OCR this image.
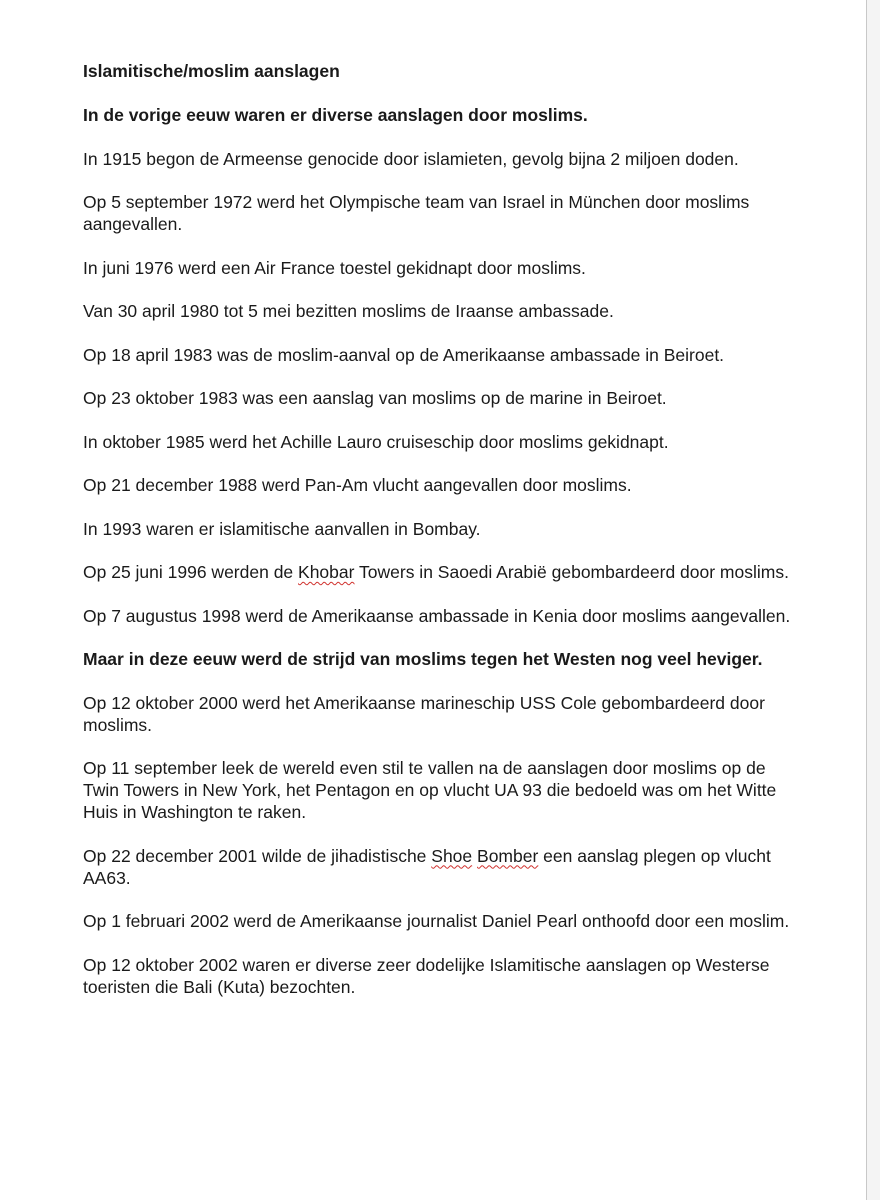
Islamitische/moslim aanslagen
In de vorige eeuw waren er diverse aanslagen door moslims.
In 1915 begon de Armeense genocide door islamieten, gevolg bijna 2 miljoen doden.
Op 5 september 1972 werd het Olympische team van Israel in München door moslims aangevallen.
In juni 1976 werd een Air France toestel gekidnapt door moslims.
Van 30 april 1980 tot 5 mei bezitten moslims de Iraanse ambassade.
Op 18 april 1983 was de moslim-aanval op de Amerikaanse ambassade in Beiroet.
Op 23 oktober 1983 was een aanslag van moslims op de marine in Beiroet.
In oktober 1985 werd het Achille Lauro cruiseschip door moslims gekidnapt.
Op 21 december 1988 werd Pan-Am vlucht aangevallen door moslims.
In 1993 waren er islamitische aanvallen in Bombay.
Op 25 juni 1996 werden de Khobar Towers in Saoedi Arabië gebombardeerd door moslims.
Op 7 augustus 1998 werd de Amerikaanse ambassade in Kenia door moslims aangevallen.
Maar in deze eeuw werd de strijd van moslims tegen het Westen nog veel heviger.
Op 12 oktober 2000 werd het Amerikaanse marineschip USS Cole gebombardeerd door moslims.
Op 11 september leek de wereld even stil te vallen na de aanslagen door moslims op de Twin Towers in New York, het Pentagon en op vlucht UA 93 die bedoeld was om het Witte Huis in Washington te raken.
Op 22 december 2001 wilde de jihadistische Shoe Bomber een aanslag plegen op vlucht AA63.
Op 1 februari 2002 werd de Amerikaanse journalist Daniel Pearl onthoofd door een moslim.
Op 12 oktober 2002 waren er diverse zeer dodelijke Islamitische aanslagen op Westerse toeristen die Bali (Kuta) bezochten.
